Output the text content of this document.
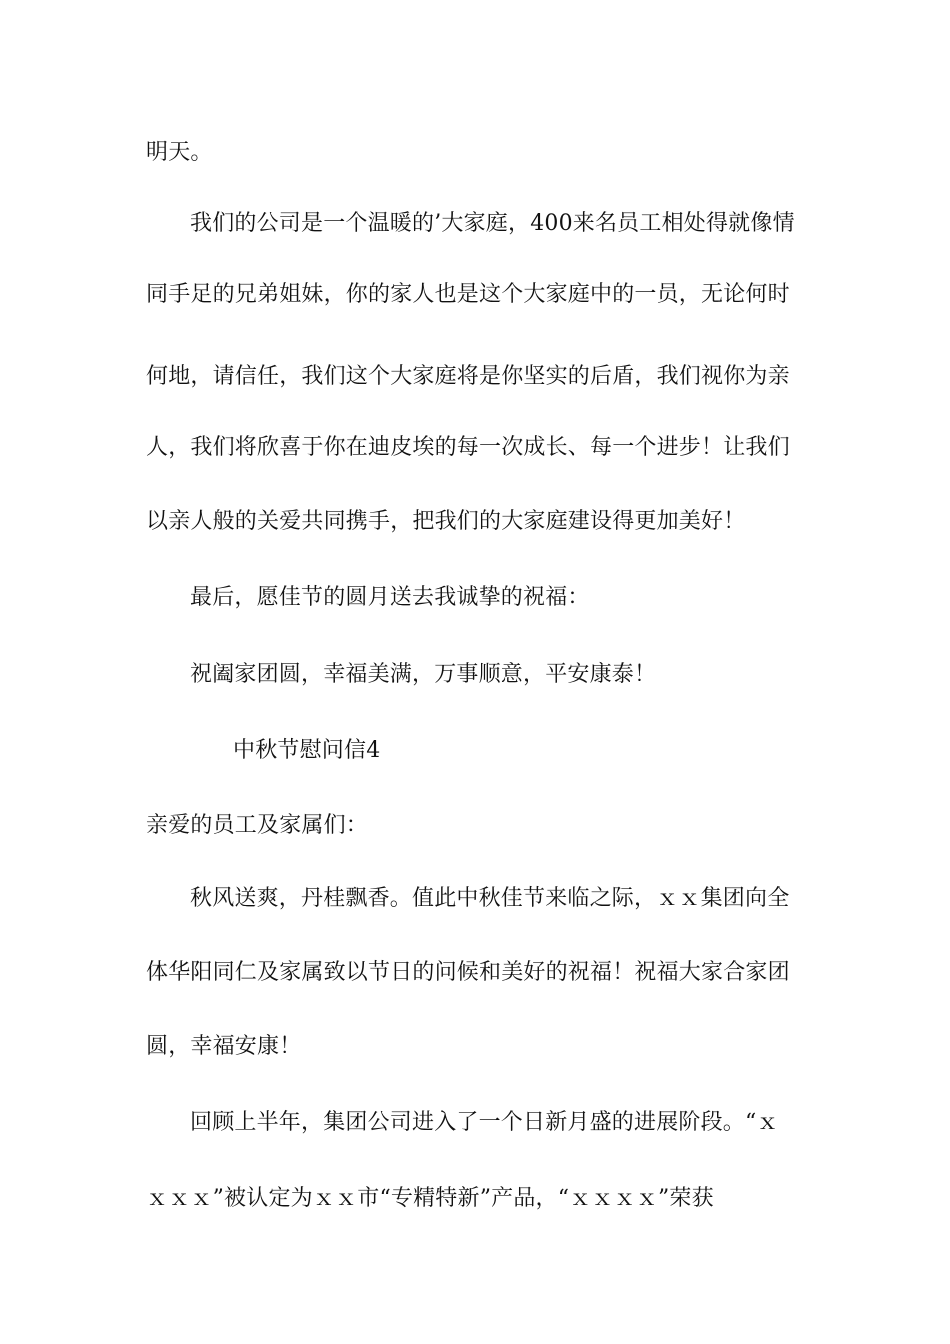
明天。
我们的公司是一个温暖的’大家庭，400来名员工相处得就像情
同手足的兄弟姐妹，你的家人也是这个大家庭中的一员，无论何时
何地，请信任，我们这个大家庭将是你坚实的后盾，我们视你为亲
人，我们将欣喜于你在迪皮埃的每一次成长、每一个进步！让我们
以亲人般的关爱共同携手，把我们的大家庭建设得更加美好！
最后，愿佳节的圆月送去我诚挚的祝福：
祝阖家团圆，幸福美满，万事顺意，平安康泰！
中秋节慰问信4
亲爱的员工及家属们：
秋风送爽，丹桂飘香。值此中秋佳节来临之际，ｘｘ集团向全
体华阳同仁及家属致以节日的问候和美好的祝福！祝福大家合家团
圆，幸福安康！
回顾上半年，集团公司进入了一个日新月盛的进展阶段。“ｘ
ｘｘｘ”被认定为ｘｘ市“专精特新”产品，“ｘｘｘｘ”荣获
